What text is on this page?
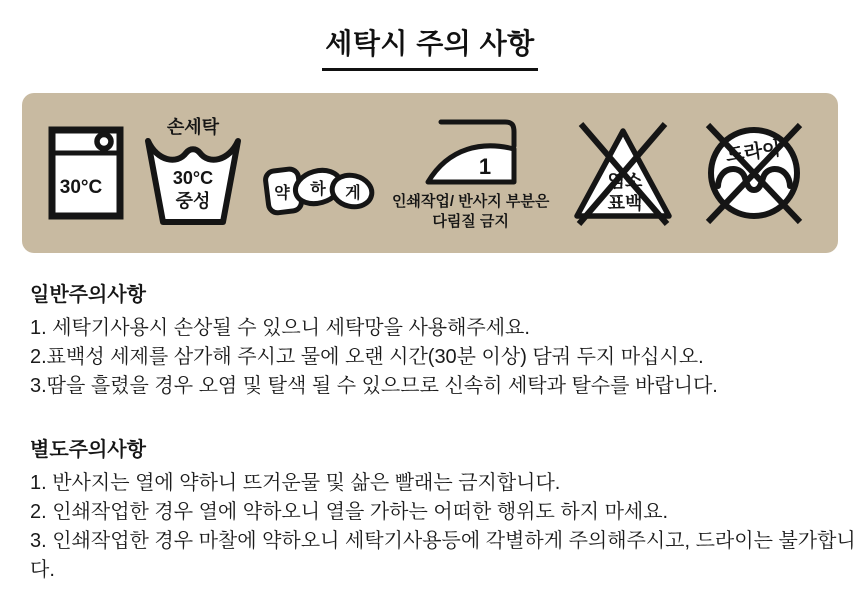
세탁시 주의 사항
30°C
손세탁
30°C
중성	약 하 게
1
인쇄작업/ 반사지 부분은
다림질 금지
염소
표백
드라이
일반주의사항

1. 세탁기사용시 손상될 수 있으니 세탁망을 사용해주세요.

2.표백성 세제를 삼가해 주시고 물에 오랜 시간(30분 이상) 담궈 두지 마십시오.

3.땀을 흘렸을 경우 오염 및 탈색 될 수 있으므로 신속히 세탁과 탈수를 바랍니다.

별도주의사항

1. 반사지는 열에 약하니 뜨거운물 및 삶은 빨래는 금지합니다.

2. 인쇄작업한 경우 열에 약하오니 열을 가하는 어떠한 행위도 하지 마세요.

3. 인쇄작업한 경우 마찰에 약하오니 세탁기사용등에 각별하게 주의해주시고, 드라이는 불가합니다.
